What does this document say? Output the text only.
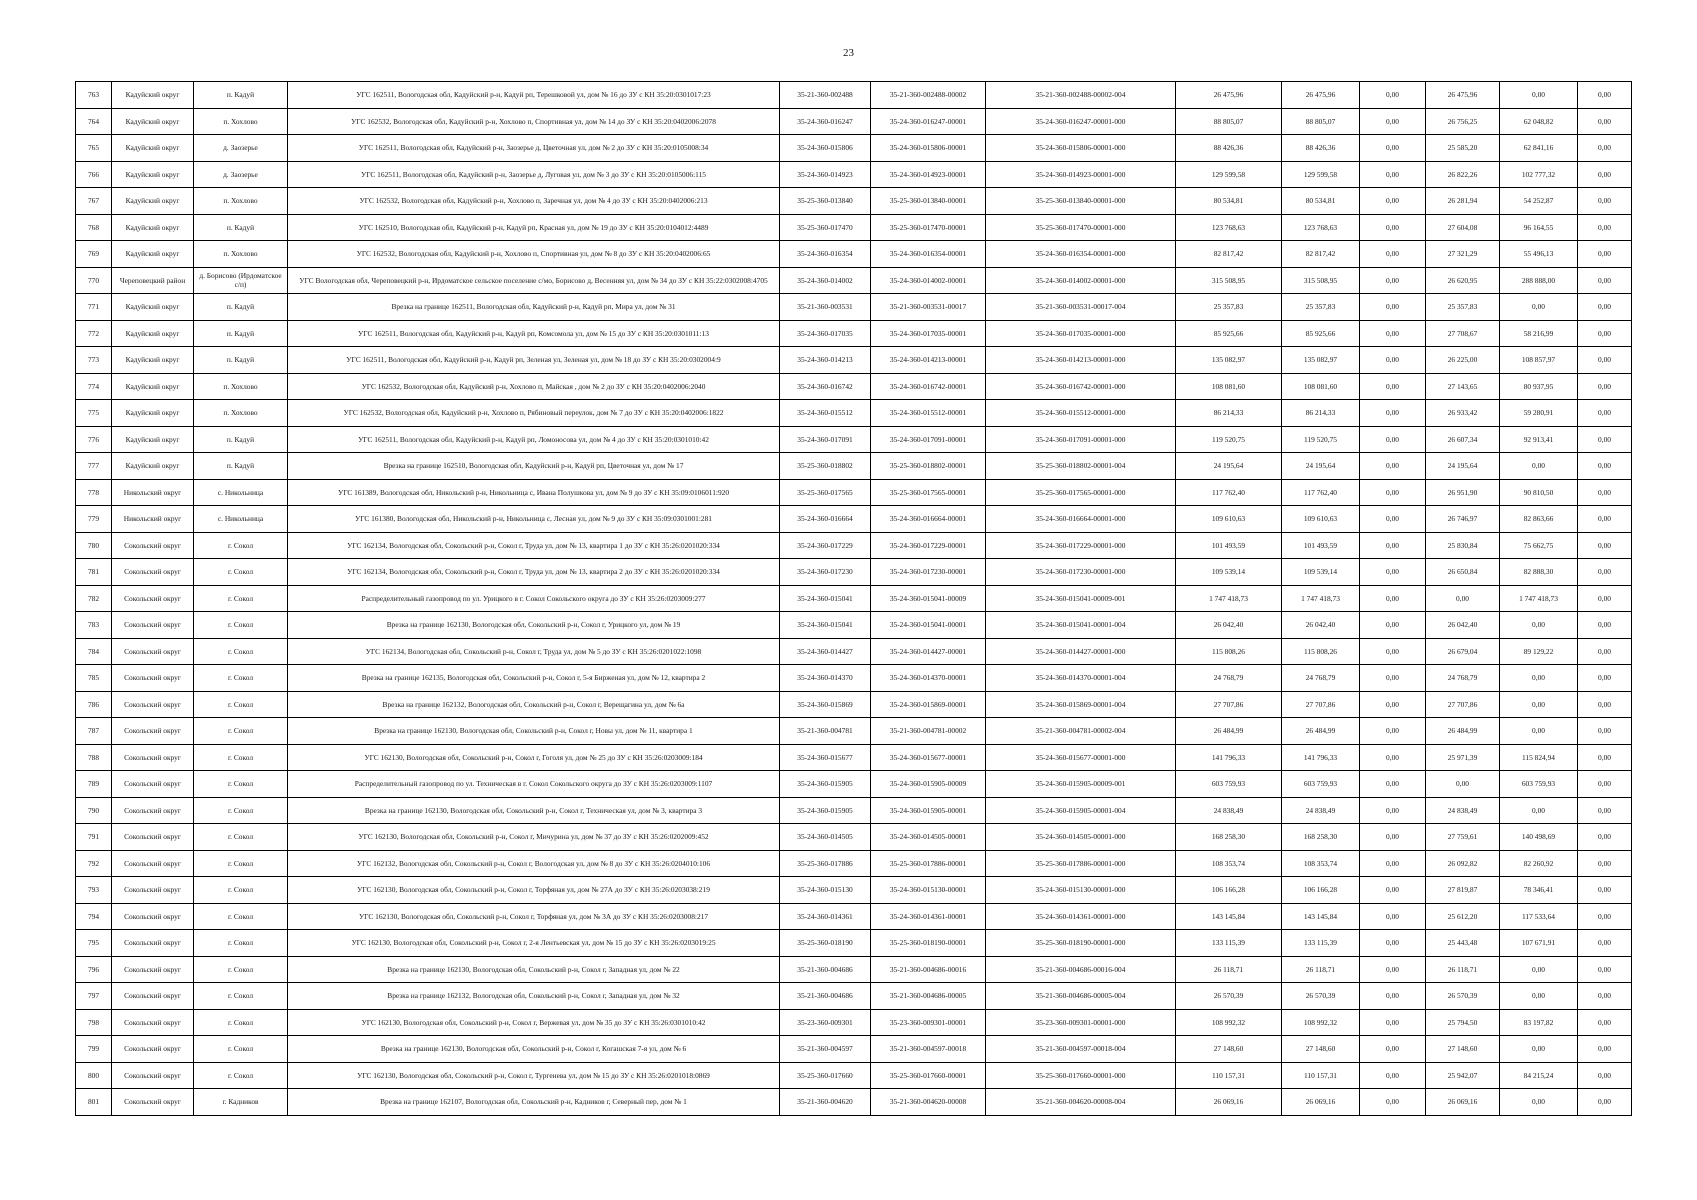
23
763	Кадуйский округ	п. Кадуй	УГС 162511, Вологодская обл, Кадуйский р-н, Кадуй рп, Терешковой ул, дом № 16 до ЗУ с КН 35:20:0301017:23	35-21-360-002488	35-21-360-002488-00002	35-21-360-002488-00002-004	26 475,96	26 475,96	0,00	26 475,96	0,00	0,00
764	Кадуйский округ	п. Хохлово	УГС 162532, Вологодская обл, Кадуйский р-н, Хохлово п, Спортивная ул, дом № 14 до ЗУ с КН 35:20:0402006:2078	35-24-360-016247	35-24-360-016247-00001	35-24-360-016247-00001-000	88 805,07	88 805,07	0,00	26 756,25	62 048,82	0,00
765	Кадуйский округ	д. Заозерье	УГС 162511, Вологодская обл, Кадуйский р-н, Заозерье д, Цветочная ул, дом № 2 до ЗУ с КН 35:20:0105008:34	35-24-360-015806	35-24-360-015806-00001	35-24-360-015806-00001-000	88 426,36	88 426,36	0,00	25 585,20	62 841,16	0,00
766	Кадуйский округ	д. Заозерье	УГС 162511, Вологодская обл, Кадуйский р-н, Заозерье д, Луговая ул, дом № 3 до ЗУ с КН 35:20:0105006:115	35-24-360-014923	35-24-360-014923-00001	35-24-360-014923-00001-000	129 599,58	129 599,58	0,00	26 822,26	102 777,32	0,00
767	Кадуйский округ	п. Хохлово	УГС 162532, Вологодская обл, Кадуйский р-н, Хохлово п, Заречная ул, дом № 4 до ЗУ с КН 35:20:0402006:213	35-25-360-013840	35-25-360-013840-00001	35-25-360-013840-00001-000	80 534,81	80 534,81	0,00	26 281,94	54 252,87	0,00
768	Кадуйский округ	п. Кадуй	УГС 162510, Вологодская обл, Кадуйский р-н, Кадуй рп, Красная ул, дом № 19 до ЗУ с КН 35:20:0104012:4489	35-25-360-017470	35-25-360-017470-00001	35-25-360-017470-00001-000	123 768,63	123 768,63	0,00	27 604,08	96 164,55	0,00
769	Кадуйский округ	п. Хохлово	УГС 162532, Вологодская обл, Кадуйский р-н, Хохлово п, Спортивная ул, дом № 8 до ЗУ с КН 35:20:0402006:65	35-24-360-016354	35-24-360-016354-00001	35-24-360-016354-00001-000	82 817,42	82 817,42	0,00	27 321,29	55 496,13	0,00
770	Череповецкий район	д. Борисово (Ирдоматское с/п)	УГС Вологодская обл, Череповецкий р-н, Ирдоматское сельское поселение с/мо, Борисово д, Весенняя ул, дом № 34 до ЗУ с КН 35:22:0302008:4705	35-24-360-014002	35-24-360-014002-00001	35-24-360-014002-00001-000	315 508,95	315 508,95	0,00	26 620,95	288 888,00	0,00
771	Кадуйский округ	п. Кадуй	Врезка на границе 162511, Вологодская обл, Кадуйский р-н, Кадуй рп, Мира ул, дом № 31	35-21-360-003531	35-21-360-003531-00017	35-21-360-003531-00017-004	25 357,83	25 357,83	0,00	25 357,83	0,00	0,00
772	Кадуйский округ	п. Кадуй	УГС 162511, Вологодская обл, Кадуйский р-н, Кадуй рп, Комсомола ул, дом № 15 до ЗУ с КН 35:20:0301011:13	35-24-360-017035	35-24-360-017035-00001	35-24-360-017035-00001-000	85 925,66	85 925,66	0,00	27 708,67	58 216,99	0,00
773	Кадуйский округ	п. Кадуй	УГС 162511, Вологодская обл, Кадуйский р-н, Кадуй рп, Зеленая ул, Зеленая ул, дом № 18 до ЗУ с КН 35:20:0302004:9	35-24-360-014213	35-24-360-014213-00001	35-24-360-014213-00001-000	135 082,97	135 082,97	0,00	26 225,00	108 857,97	0,00
774	Кадуйский округ	п. Хохлово	УГС 162532, Вологодская обл, Кадуйский р-н, Хохлово п, Майская , дом № 2 до ЗУ с КН 35:20:0402006:2040	35-24-360-016742	35-24-360-016742-00001	35-24-360-016742-00001-000	108 081,60	108 081,60	0,00	27 143,65	80 937,95	0,00
775	Кадуйский округ	п. Хохлово	УГС 162532, Вологодская обл, Кадуйский р-н, Хохлово п, Рябиновый переулок, дом № 7 до ЗУ с КН 35:20:0402006:1822	35-24-360-015512	35-24-360-015512-00001	35-24-360-015512-00001-000	86 214,33	86 214,33	0,00	26 933,42	59 280,91	0,00
776	Кадуйский округ	п. Кадуй	УГС 162511, Вологодская обл, Кадуйский р-н, Кадуй рп, Ломоносова ул, дом № 4 до ЗУ с КН 35:20:0301010:42	35-24-360-017091	35-24-360-017091-00001	35-24-360-017091-00001-000	119 520,75	119 520,75	0,00	26 607,34	92 913,41	0,00
777	Кадуйский округ	п. Кадуй	Врезка на границе 162510, Вологодская обл, Кадуйский р-н, Кадуй рп, Цветочная ул, дом № 17	35-25-360-018802	35-25-360-018802-00001	35-25-360-018802-00001-004	24 195,64	24 195,64	0,00	24 195,64	0,00	0,00
778	Никольский округ	с. Никольница	УГС 161389, Вологодская обл, Никольский р-н, Никольница с, Ивана Полушкова ул, дом № 9 до ЗУ с КН 35:09:0106011:920	35-25-360-017565	35-25-360-017565-00001	35-25-360-017565-00001-000	117 762,40	117 762,40	0,00	26 951,90	90 810,50	0,00
779	Никольский округ	с. Никольница	УГС 161380, Вологодская обл, Никольский р-н, Никольница с, Лесная ул, дом № 9 до ЗУ с КН 35:09:0301001:281	35-24-360-016664	35-24-360-016664-00001	35-24-360-016664-00001-000	109 610,63	109 610,63	0,00	26 746,97	82 863,66	0,00
780	Сокольский округ	г. Сокол	УГС 162134, Вологодская обл, Сокольский р-н, Сокол г, Труда ул, дом № 13, квартира 1 до ЗУ с КН 35:26:0201020:334	35-24-360-017229	35-24-360-017229-00001	35-24-360-017229-00001-000	101 493,59	101 493,59	0,00	25 830,84	75 662,75	0,00
781	Сокольский округ	г. Сокол	УГС 162134, Вологодская обл, Сокольский р-н, Сокол г, Труда ул, дом № 13, квартира 2 до ЗУ с КН 35:26:0201020:334	35-24-360-017230	35-24-360-017230-00001	35-24-360-017230-00001-000	109 539,14	109 539,14	0,00	26 650,84	82 888,30	0,00
782	Сокольский округ	г. Сокол	Распределительный газопровод по ул. Урицкого в г. Сокол Сокольского округа до ЗУ с КН 35:26:0203009:277	35-24-360-015041	35-24-360-015041-00009	35-24-360-015041-00009-001	1 747 418,73	1 747 418,73	0,00	0,00	1 747 418,73	0,00
783	Сокольский округ	г. Сокол	Врезка на границе 162130, Вологодская обл, Сокольский р-н, Сокол г, Урицкого ул, дом № 19	35-24-360-015041	35-24-360-015041-00001	35-24-360-015041-00001-004	26 042,40	26 042,40	0,00	26 042,40	0,00	0,00
784	Сокольский округ	г. Сокол	УГС 162134, Вологодская обл, Сокольский р-н, Сокол г, Труда ул, дом № 5 до ЗУ с КН 35:26:0201022:1098	35-24-360-014427	35-24-360-014427-00001	35-24-360-014427-00001-000	115 808,26	115 808,26	0,00	26 679,04	89 129,22	0,00
785	Сокольский округ	г. Сокол	Врезка на границе 162135, Вологодская обл, Сокольский р-н, Сокол г, 5-я Бирженая ул, дом № 12, квартира 2	35-24-360-014370	35-24-360-014370-00001	35-24-360-014370-00001-004	24 768,79	24 768,79	0,00	24 768,79	0,00	0,00
786	Сокольский округ	г. Сокол	Врезка на границе 162132, Вологодская обл, Сокольский р-н, Сокол г, Верещагина ул, дом № 6а	35-24-360-015869	35-24-360-015869-00001	35-24-360-015869-00001-004	27 707,86	27 707,86	0,00	27 707,86	0,00	0,00
787	Сокольский округ	г. Сокол	Врезка на границе 162130, Вологодская обл, Сокольский р-н, Сокол г, Новы ул, дом № 11, квартира 1	35-21-360-004781	35-21-360-004781-00002	35-21-360-004781-00002-004	26 484,99	26 484,99	0,00	26 484,99	0,00	0,00
788	Сокольский округ	г. Сокол	УГС 162130, Вологодская обл, Сокольский р-н, Сокол г, Гоголя ул, дом № 25 до ЗУ с КН 35:26:0203009:184	35-24-360-015677	35-24-360-015677-00001	35-24-360-015677-00001-000	141 796,33	141 796,33	0,00	25 971,39	115 824,94	0,00
789	Сокольский округ	г. Сокол	Распределительный газопровод по ул. Техническая в г. Сокол Сокольского округа до ЗУ с КН 35:26:0203009:1107	35-24-360-015905	35-24-360-015905-00009	35-24-360-015905-00009-001	603 759,93	603 759,93	0,00	0,00	603 759,93	0,00
790	Сокольский округ	г. Сокол	Врезка на границе 162130, Вологодская обл, Сокольский р-н, Сокол г, Техническая ул, дом № 3, квартира 3	35-24-360-015905	35-24-360-015905-00001	35-24-360-015905-00001-004	24 838,49	24 838,49	0,00	24 838,49	0,00	0,00
791	Сокольский округ	г. Сокол	УГС 162130, Вологодская обл, Сокольский р-н, Сокол г, Мичурина ул, дом № 37 до ЗУ с КН 35:26:0202009:452	35-24-360-014505	35-24-360-014505-00001	35-24-360-014505-00001-000	168 258,30	168 258,30	0,00	27 759,61	140 498,69	0,00
792	Сокольский округ	г. Сокол	УГС 162132, Вологодская обл, Сокольский р-н, Сокол г, Вологодская ул, дом № 8 до ЗУ с КН 35:26:0204010:106	35-25-360-017886	35-25-360-017886-00001	35-25-360-017886-00001-000	108 353,74	108 353,74	0,00	26 092,82	82 260,92	0,00
793	Сокольский округ	г. Сокол	УГС 162130, Вологодская обл, Сокольский р-н, Сокол г, Торфяная ул, дом № 27А до ЗУ с КН 35:26:0203038:219	35-24-360-015130	35-24-360-015130-00001	35-24-360-015130-00001-000	106 166,28	106 166,28	0,00	27 819,87	78 346,41	0,00
794	Сокольский округ	г. Сокол	УГС 162130, Вологодская обл, Сокольский р-н, Сокол г, Торфяная ул, дом № 3А до ЗУ с КН 35:26:0203008:217	35-24-360-014361	35-24-360-014361-00001	35-24-360-014361-00001-000	143 145,84	143 145,84	0,00	25 612,20	117 533,64	0,00
795	Сокольский округ	г. Сокол	УГС 162130, Вологодская обл, Сокольский р-н, Сокол г, 2-я Лентьевская ул, дом № 15 до ЗУ с КН 35:26:0203019:25	35-25-360-018190	35-25-360-018190-00001	35-25-360-018190-00001-000	133 115,39	133 115,39	0,00	25 443,48	107 671,91	0,00
796	Сокольский округ	г. Сокол	Врезка на границе 162130, Вологодская обл, Сокольский р-н, Сокол г, Западная ул, дом № 22	35-21-360-004686	35-21-360-004686-00016	35-21-360-004686-00016-004	26 118,71	26 118,71	0,00	26 118,71	0,00	0,00
797	Сокольский округ	г. Сокол	Врезка на границе 162132, Вологодская обл, Сокольский р-н, Сокол г, Западная ул, дом № 32	35-21-360-004686	35-21-360-004686-00005	35-21-360-004686-00005-004	26 570,39	26 570,39	0,00	26 570,39	0,00	0,00
798	Сокольский округ	г. Сокол	УГС 162130, Вологодская обл, Сокольский р-н, Сокол г, Вержевая ул, дом № 35 до ЗУ с КН 35:26:0301010:42	35-23-360-009301	35-23-360-009301-00001	35-23-360-009301-00001-000	108 992,32	108 992,32	0,00	25 794,50	83 197,82	0,00
799	Сокольский округ	г. Сокол	Врезка на границе 162130, Вологодская обл, Сокольский р-н, Сокол г, Когашская 7-я ул, дом № 6	35-21-360-004597	35-21-360-004597-00018	35-21-360-004597-00018-004	27 148,60	27 148,60	0,00	27 148,60	0,00	0,00
800	Сокольский округ	г. Сокол	УГС 162130, Вологодская обл, Сокольский р-н, Сокол г, Тургенева ул, дом № 15 до ЗУ с КН 35:26:0201018:0869	35-25-360-017660	35-25-360-017660-00001	35-25-360-017660-00001-000	110 157,31	110 157,31	0,00	25 942,07	84 215,24	0,00
801	Сокольский округ	г. Кадников	Врезка на границе 162107, Вологодская обл, Сокольский р-н, Кадников г, Северный пер, дом № 1	35-21-360-004620	35-21-360-004620-00008	35-21-360-004620-00008-004	26 069,16	26 069,16	0,00	26 069,16	0,00	0,00
